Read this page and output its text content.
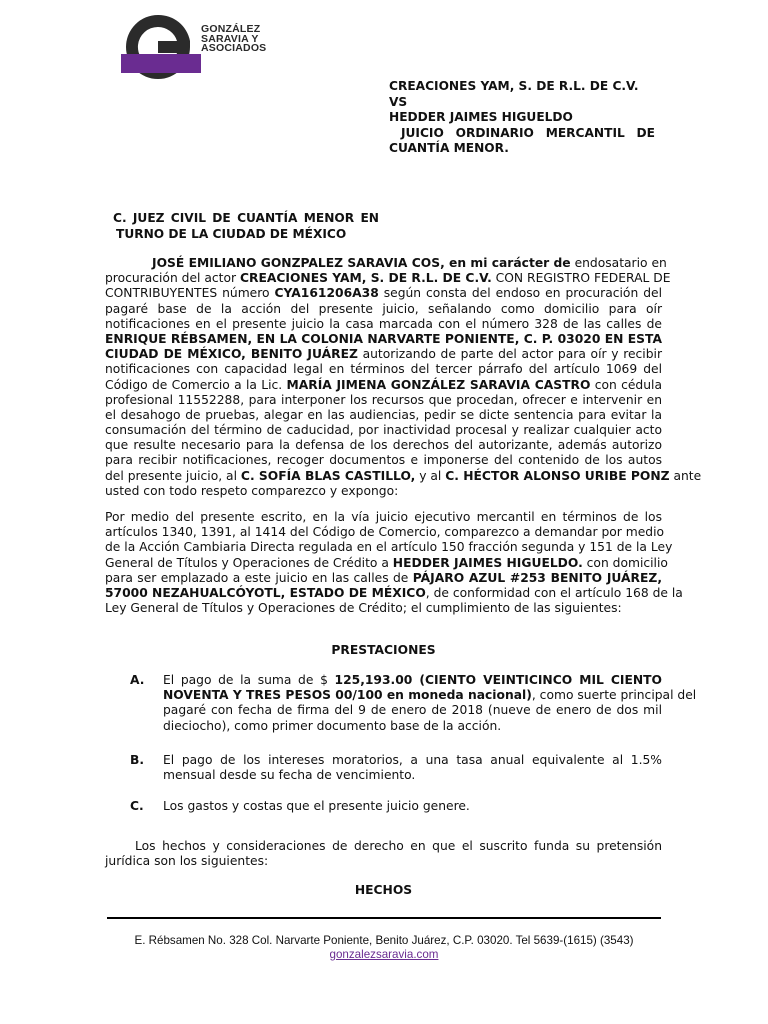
GONZÁLEZ
SARAVIA Y
ASOCIADOS
CREACIONES YAM, S. DE R.L. DE C.V.
VS
HEDDER JAIMES HIGUELDO
JUICIO ORDINARIO MERCANTIL DE
CUANTÍA MENOR.
C. JUEZ CIVIL DE CUANTÍA MENOR EN
TURNO DE LA CIUDAD DE MÉXICO
JOSÉ EMILIANO GONZPALEZ SARAVIA COS, en mi carácter de endosatario en
procuración del actor CREACIONES YAM, S. DE R.L. DE C.V. CON REGISTRO FEDERAL DE
CONTRIBUYENTES número CYA161206A38 según consta del endoso en procuración del
pagaré base de la acción del presente juicio, señalando como domicilio para oír
notificaciones en el presente juicio la casa marcada con el número 328 de las calles de
ENRIQUE RÉBSAMEN, EN LA COLONIA NARVARTE PONIENTE, C. P. 03020 EN ESTA
CIUDAD DE MÉXICO, BENITO JUÁREZ autorizando de parte del actor para oír y recibir
notificaciones con capacidad legal en términos del tercer párrafo del artículo 1069 del
Código de Comercio a la Lic. MARÍA JIMENA GONZÁLEZ SARAVIA CASTRO con cédula
profesional 11552288, para interponer los recursos que procedan, ofrecer e intervenir en
el desahogo de pruebas, alegar en las audiencias, pedir se dicte sentencia para evitar la
consumación del término de caducidad, por inactividad procesal y realizar cualquier acto
que resulte necesario para la defensa de los derechos del autorizante, además autorizo
para recibir notificaciones, recoger documentos e imponerse del contenido de los autos
del presente juicio, al C. SOFÍA BLAS CASTILLO, y al C. HÉCTOR ALONSO URIBE PONZ ante
usted con todo respeto comparezco y expongo:
Por medio del presente escrito, en la vía juicio ejecutivo mercantil en términos de los
artículos 1340, 1391, al 1414 del Código de Comercio, comparezco a demandar por medio
de la Acción Cambiaria Directa regulada en el artículo 150 fracción segunda y 151 de la Ley
General de Títulos y Operaciones de Crédito a HEDDER JAIMES HIGUELDO. con domicilio
para ser emplazado a este juicio en las calles de PÁJARO AZUL #253 BENITO JUÁREZ,
57000 NEZAHUALCÓYOTL, ESTADO DE MÉXICO, de conformidad con el artículo 168 de la
Ley General de Títulos y Operaciones de Crédito; el cumplimiento de las siguientes:
PRESTACIONES
A. El pago de la suma de $ 125,193.00 (CIENTO VEINTICINCO MIL CIENTO
NOVENTA Y TRES PESOS 00/100 en moneda nacional), como suerte principal del
pagaré con fecha de firma del 9 de enero de 2018 (nueve de enero de dos mil
dieciocho), como primer documento base de la acción.
B. El pago de los intereses moratorios, a una tasa anual equivalente al 1.5%
mensual desde su fecha de vencimiento.
C. Los gastos y costas que el presente juicio genere.
Los hechos y consideraciones de derecho en que el suscrito funda su pretensión
jurídica son los siguientes:
HECHOS
E. Rébsamen No. 328 Col. Narvarte Poniente, Benito Juárez, C.P. 03020. Tel 5639-(1615) (3543)
gonzalezsaravia.com
